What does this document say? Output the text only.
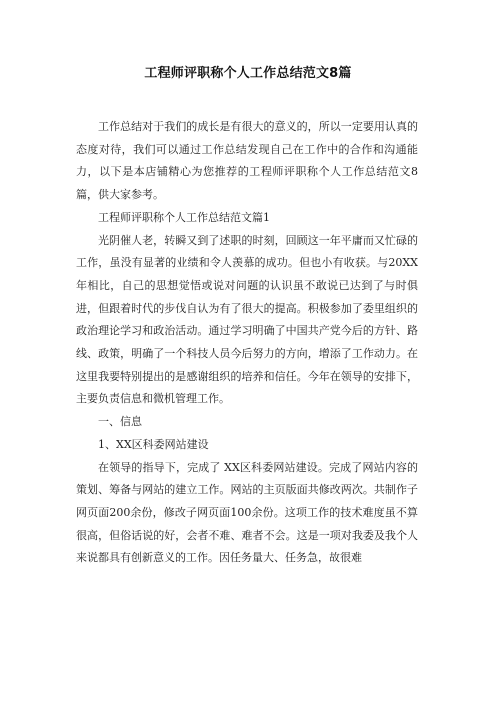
工程师评职称个人工作总结范文8篇

工作总结对于我们的成长是有很大的意义的，所以一定要用认真的态度对待，我们可以通过工作总结发现自己在工作中的合作和沟通能力，以下是本店铺精心为您推荐的工程师评职称个人工作总结范文8篇，供大家参考。

工程师评职称个人工作总结范文篇1

光阴催人老，转瞬又到了述职的时刻，回顾这一年平庸而又忙碌的工作，虽没有显著的业绩和令人羡慕的成功。但也小有收获。与20XX 年相比，自己的思想觉悟或说对问题的认识虽不敢说已达到了与时俱进，但跟着时代的步伐自认为有了很大的提高。积极参加了委里组织的政治理论学习和政治活动。通过学习明确了中国共产党今后的方针、路线、政策，明确了一个科技人员今后努力的方向，增添了工作动力。在这里我要特别提出的是感谢组织的培养和信任。今年在领导的安排下，主要负责信息和微机管理工作。

一、信息

1、XX区科委网站建设

在领导的指导下，完成了 XX区科委网站建设。完成了网站内容的策划、筹备与网站的建立工作。网站的主页版面共修改两次。共制作子网页面200余份，修改子网页面100余份。这项工作的技术难度虽不算很高，但俗话说的好，会者不难、难者不会。这是一项对我委及我个人来说都具有创新意义的工作。因任务量大、任务急，故很难
